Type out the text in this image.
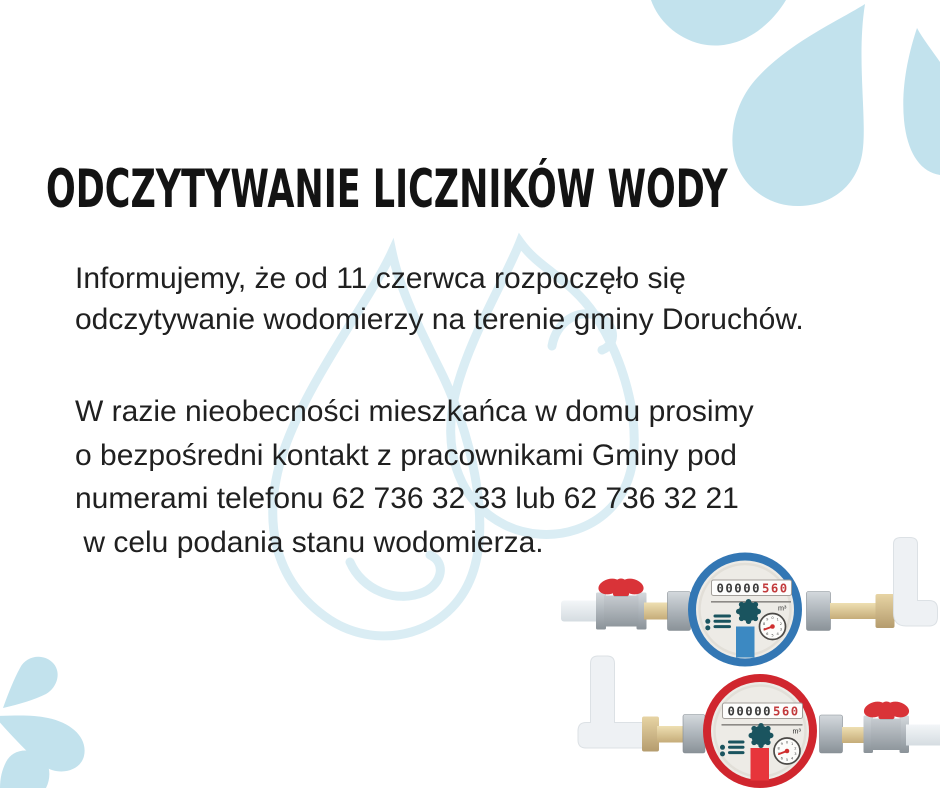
00000 560
m³
0 1
2
3
4
5
6
8
9
00000 560
m³
0 1
2
3
4
5
6
8
9
ODCZYTYWANIE LICZNIKÓW WODY
Informujemy, że od 11 czerwca rozpoczęło się
odczytywanie wodomierzy na terenie gminy Doruchów.
W razie nieobecności mieszkańca w domu prosimy
o bezpośredni kontakt z pracownikami Gminy pod
numerami telefonu 62 736 32 33 lub 62 736 32 21
w celu podania stanu wodomierza.
